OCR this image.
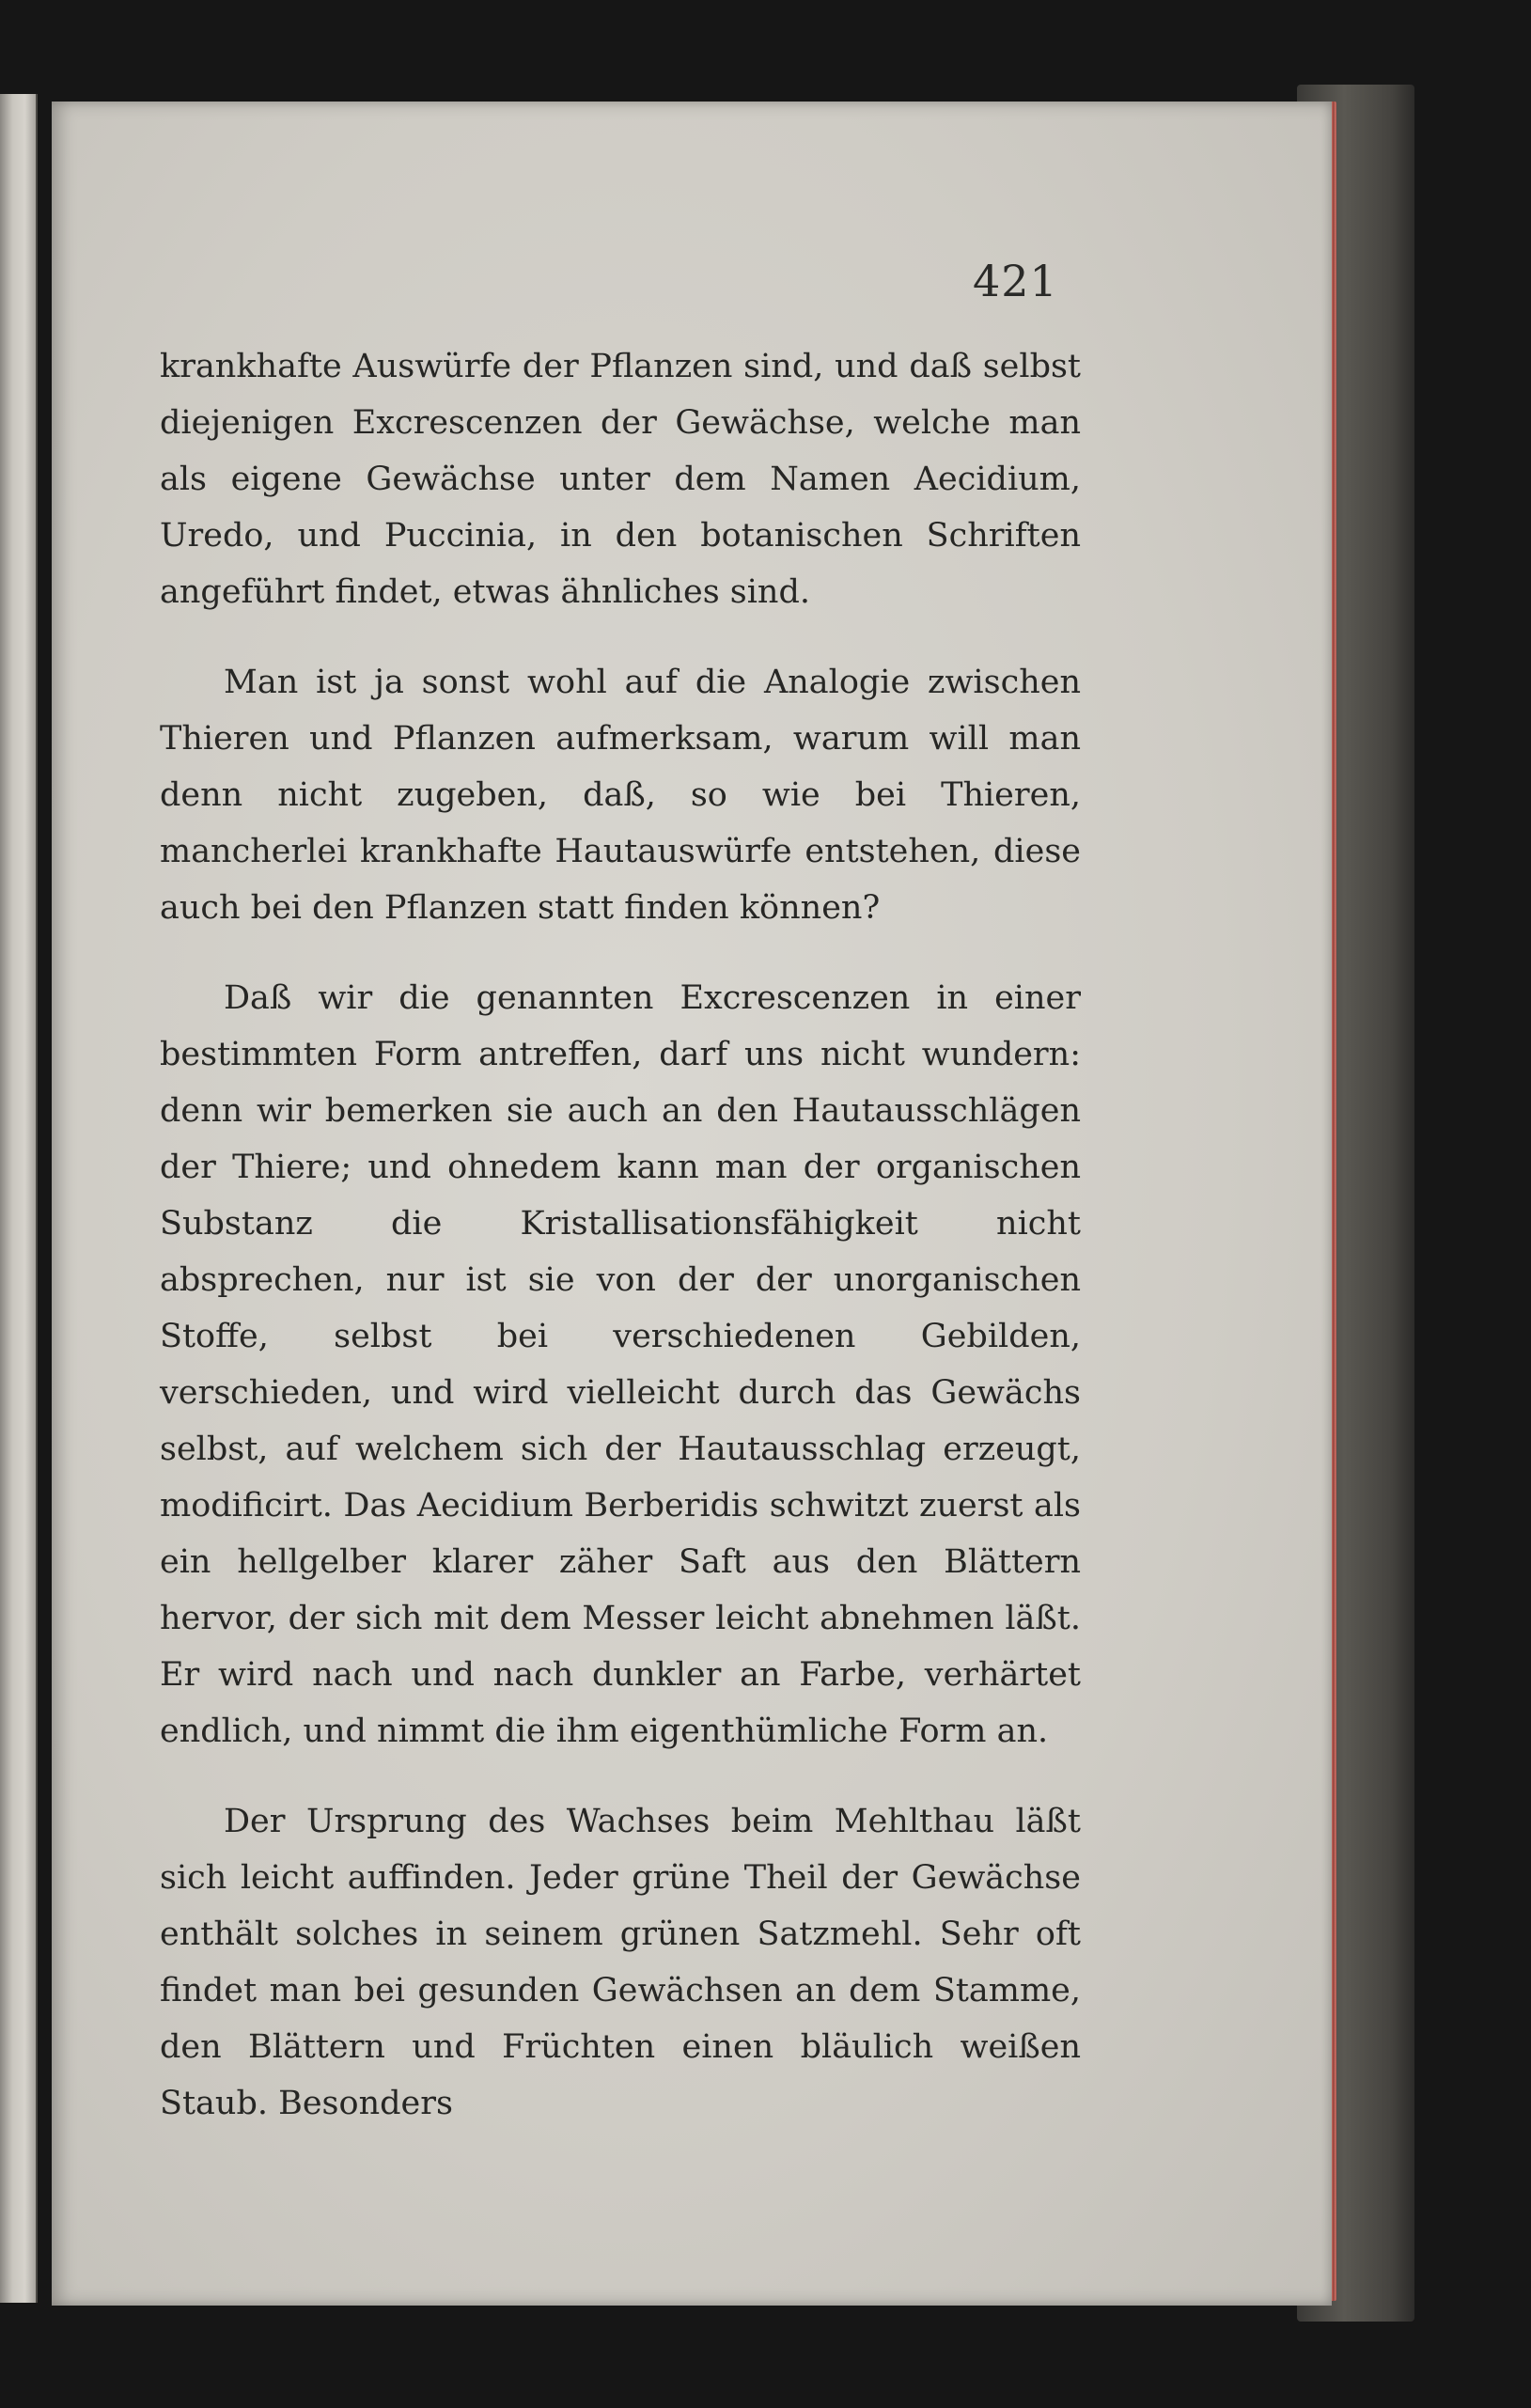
421

krankhafte Auswürfe der Pflanzen sind, und daß selbst diejenigen Excrescenzen der Gewächse, welche man als eigene Gewächse unter dem Namen Aecidium, Uredo, und Puccinia, in den botanischen Schriften angeführt findet, etwas ähnliches sind.

Man ist ja sonst wohl auf die Analogie zwischen Thieren und Pflanzen aufmerksam, warum will man denn nicht zugeben, daß, so wie bei Thieren, mancherlei krankhafte Hautauswürfe entstehen, diese auch bei den Pflanzen statt finden können?

Daß wir die genannten Excrescenzen in einer bestimmten Form antreffen, darf uns nicht wundern: denn wir bemerken sie auch an den Hautausschlägen der Thiere; und ohnedem kann man der organischen Substanz die Kristallisationsfähigkeit nicht absprechen, nur ist sie von der der unorganischen Stoffe, selbst bei verschiedenen Gebilden, verschieden, und wird vielleicht durch das Gewächs selbst, auf welchem sich der Hautausschlag erzeugt, modificirt. Das Aecidium Berberidis schwitzt zuerst als ein hellgelber klarer zäher Saft aus den Blättern hervor, der sich mit dem Messer leicht abnehmen läßt. Er wird nach und nach dunkler an Farbe, verhärtet endlich, und nimmt die ihm eigenthümliche Form an.

Der Ursprung des Wachses beim Mehlthau läßt sich leicht auffinden. Jeder grüne Theil der Gewächse enthält solches in seinem grünen Satzmehl. Sehr oft findet man bei gesunden Gewächsen an dem Stamme, den Blättern und Früchten einen bläulich weißen Staub. Besonders
